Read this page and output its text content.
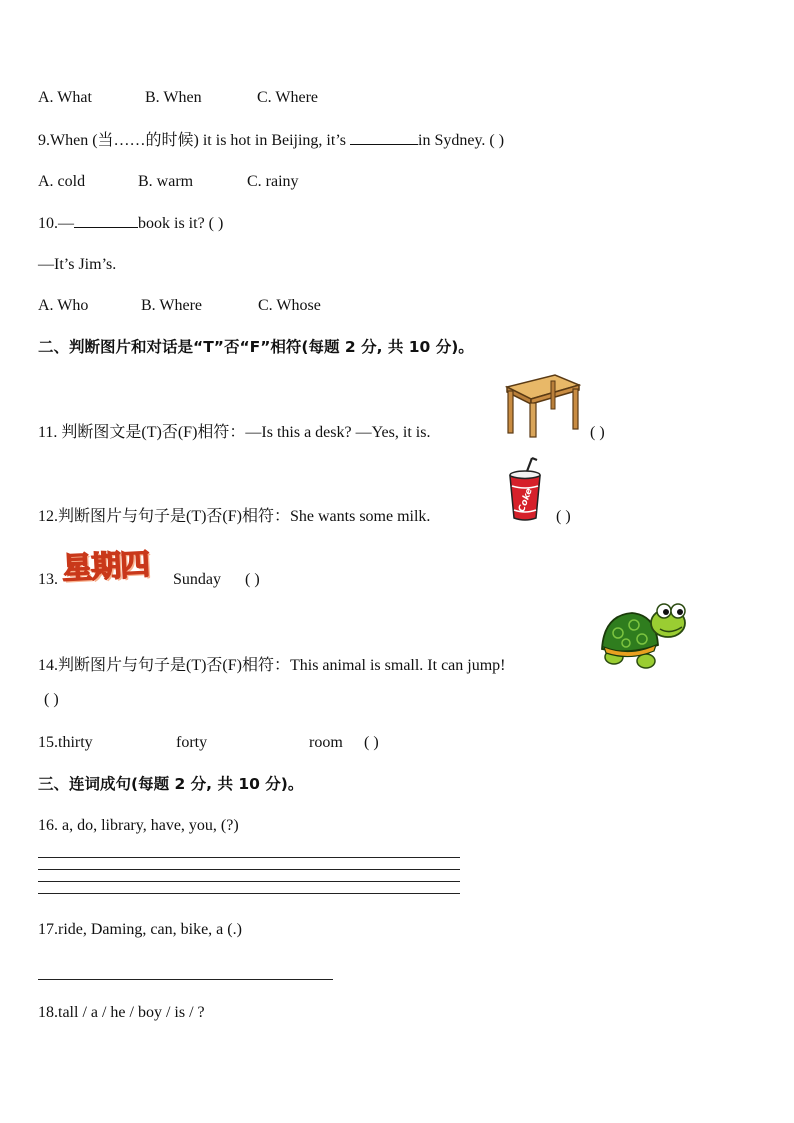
A. What	B. When	C. Where
9.When (当……的时候) it is hot in Beijing, it’s	in Sydney. ( )
A. cold	B. warm	C. rainy
10.—	book is it? ( )
—It’s Jim’s.
A. Who	B. Where	C. Whose
二、判断图片和对话是“T”否“F”相符(每题 2 分, 共 10 分)。
11. 判断图文是(T)否(F)相符：—Is this a desk? —Yes, it is.	( )
12.判断图片与句子是(T)否(F)相符：She wants some milk.
Coke
( )
13. 星期四	Sunday ( )
14.判断图片与句子是(T)否(F)相符：This animal is small. It can jump!
( )
15.thirty	forty	room ( )
三、连词成句(每题 2 分, 共 10 分)。
16. a, do, library, have, you, (?)
17.ride, Daming, can, bike, a (.)
18.tall / a / he / boy / is / ?
